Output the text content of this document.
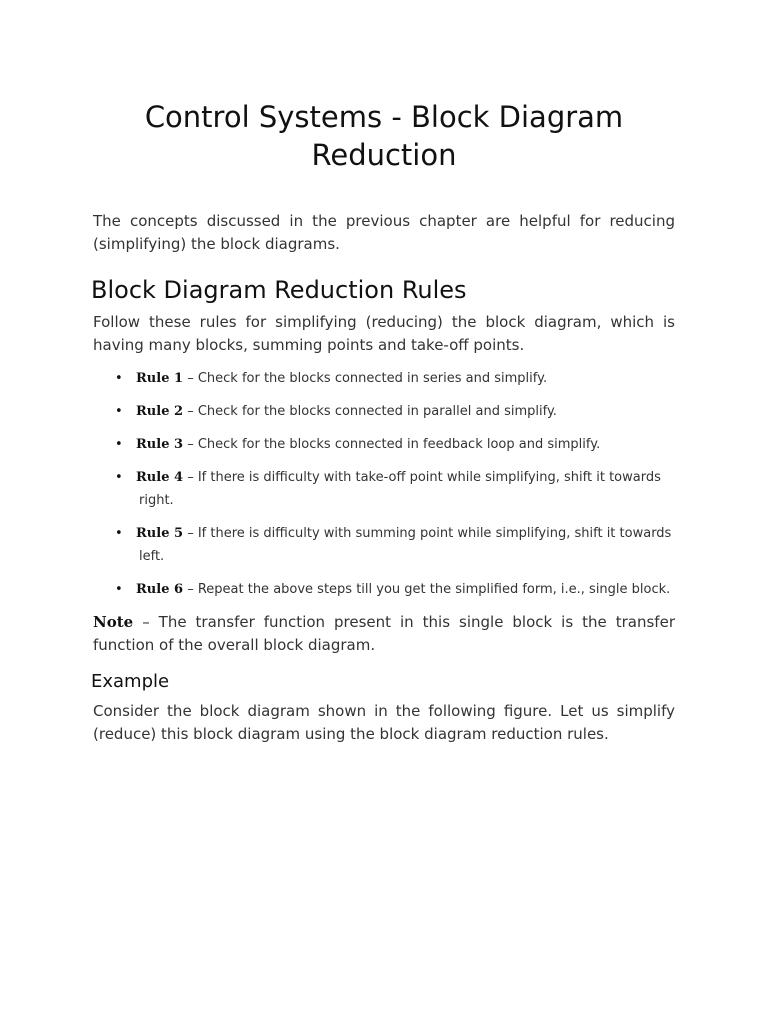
Control Systems - Block Diagram Reduction

The concepts discussed in the previous chapter are helpful for reducing (simplifying) the block diagrams.

Block Diagram Reduction Rules

Follow these rules for simplifying (reducing) the block diagram, which is having many blocks, summing points and take-off points.

• Rule 1 – Check for the blocks connected in series and simplify.
• Rule 2 – Check for the blocks connected in parallel and simplify.
• Rule 3 – Check for the blocks connected in feedback loop and simplify.
• Rule 4 – If there is difficulty with take-off point while simplifying, shift it towards
right.
• Rule 5 – If there is difficulty with summing point while simplifying, shift it towards
left.
• Rule 6 – Repeat the above steps till you get the simplified form, i.e., single block.

Note – The transfer function present in this single block is the transfer function of the overall block diagram.

Example

Consider the block diagram shown in the following figure. Let us simplify (reduce) this block diagram using the block diagram reduction rules.
